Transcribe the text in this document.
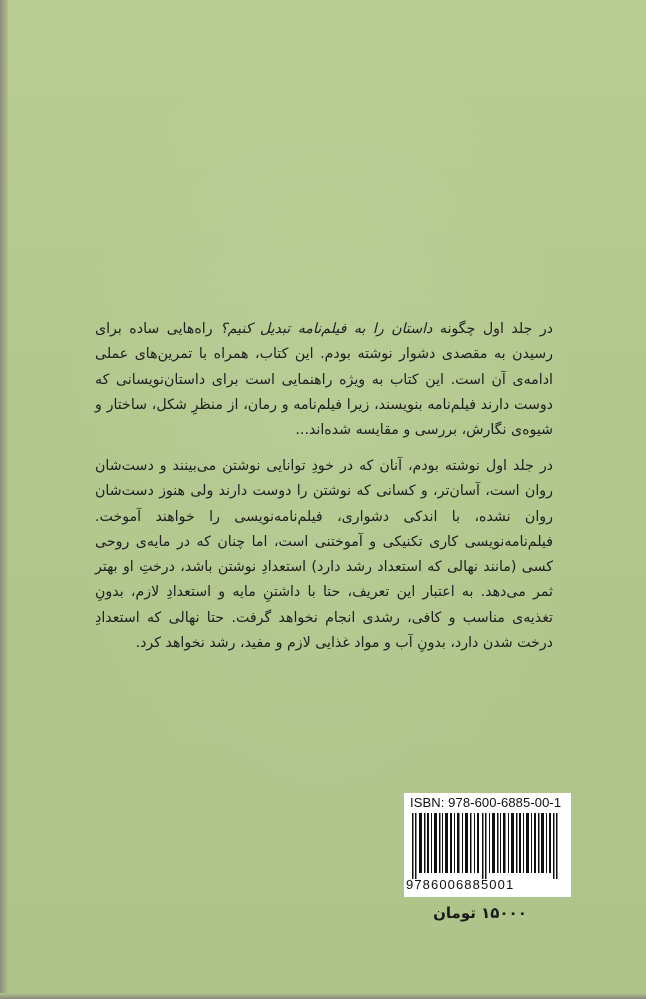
در جلد اول چگونه داستان را به فیلم‌نامه تبدیل کنیم؟ راه‌هایی ساده برای رسیدن به مقصدی دشوار نوشته بودم. این کتاب، همراه با تمرین‌های عملی ادامه‌ی آن است. این کتاب به ویژه راهنمایی است برای داستان‌نویسانی که دوست دارند فیلم‌نامه بنویسند، زیرا فیلم‌نامه و رمان، از منظرِ شکل، ساختار و شیوه‌ی نگارش، بررسی و مقایسه شده‌اند...

در جلد اول نوشته بودم، آنان که در خودِ توانایی نوشتن می‌بینند و دست‌شان روان است، آسان‌تر، و کسانی که نوشتن را دوست دارند ولی هنوز دست‌شان روان نشده، با اندکی دشواری، فیلم‌نامه‌نویسی را خواهند آموخت. فیلم‌نامه‌نویسی کاری تکنیکی و آموختنی است، اما چنان که در مایه‌ی روحی کسی (مانند نهالی که استعداد رشد دارد) استعدادِ نوشتن باشد، درختِ او بهتر ثمر می‌دهد. به اعتبار این تعریف، حتا با داشتنِ مایه و استعدادِ لازم، بدونِ تغذیه‌ی مناسب و کافی، رشدی انجام نخواهد گرفت. حتا نهالی که استعدادِ درخت شدن دارد، بدونِ آب و مواد غذایی لازم و مفید، رشد نخواهد کرد.

ISBN: 978-600-6885-00-1
9786006885001
۱۵۰۰۰ تومان
